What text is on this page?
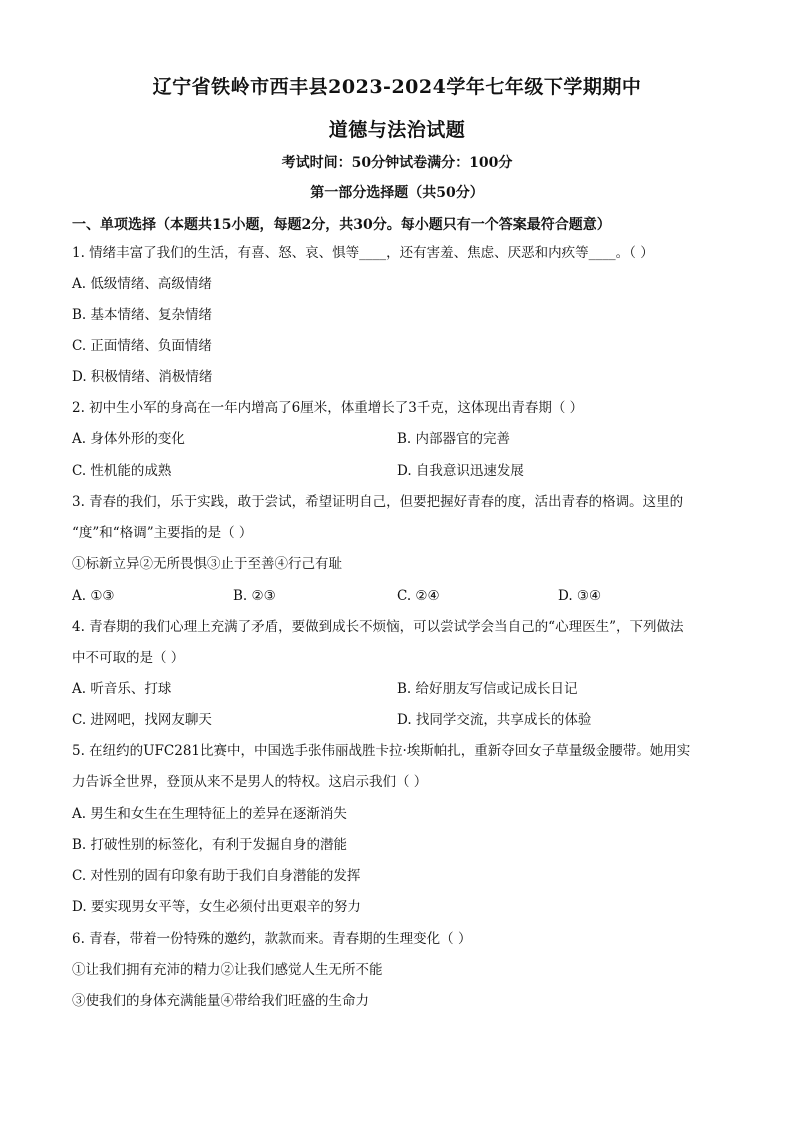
辽宁省铁岭市西丰县2023-2024学年七年级下学期期中
道德与法治试题
考试时间：50分钟试卷满分：100分
第一部分选择题（共50分）
一、单项选择（本题共15小题，每题2分，共30分。每小题只有一个答案最符合题意）
1. 情绪丰富了我们的生活，有喜、怒、哀、惧等____，还有害羞、焦虑、厌恶和内疚等____。（ ）
A. 低级情绪、高级情绪
B. 基本情绪、复杂情绪
C. 正面情绪、负面情绪
D. 积极情绪、消极情绪
2. 初中生小军的身高在一年内增高了6厘米，体重增长了3千克，这体现出青春期（ ）
A. 身体外形的变化	B. 内部器官的完善
C. 性机能的成熟	D. 自我意识迅速发展
3. 青春的我们，乐于实践，敢于尝试，希望证明自己，但要把握好青春的度，活出青春的格调。这里的
“度”和“格调”主要指的是（ ）
①标新立异②无所畏惧③止于至善④行己有耻
A. ①③	B. ②③	C. ②④	D. ③④
4. 青春期的我们心理上充满了矛盾，要做到成长不烦恼，可以尝试学会当自己的“心理医生”，下列做法
中不可取的是（ ）
A. 听音乐、打球	B. 给好朋友写信或记成长日记
C. 进网吧，找网友聊天	D. 找同学交流，共享成长的体验
5. 在纽约的UFC281比赛中，中国选手张伟丽战胜卡拉·埃斯帕扎，重新夺回女子草量级金腰带。她用实
力告诉全世界，登顶从来不是男人的特权。这启示我们（ ）
A. 男生和女生在生理特征上的差异在逐渐消失
B. 打破性别的标签化，有利于发掘自身的潜能
C. 对性别的固有印象有助于我们自身潜能的发挥
D. 要实现男女平等，女生必须付出更艰辛的努力
6. 青春，带着一份特殊的邀约，款款而来。青春期的生理变化（ ）
①让我们拥有充沛的精力②让我们感觉人生无所不能
③使我们的身体充满能量④带给我们旺盛的生命力
